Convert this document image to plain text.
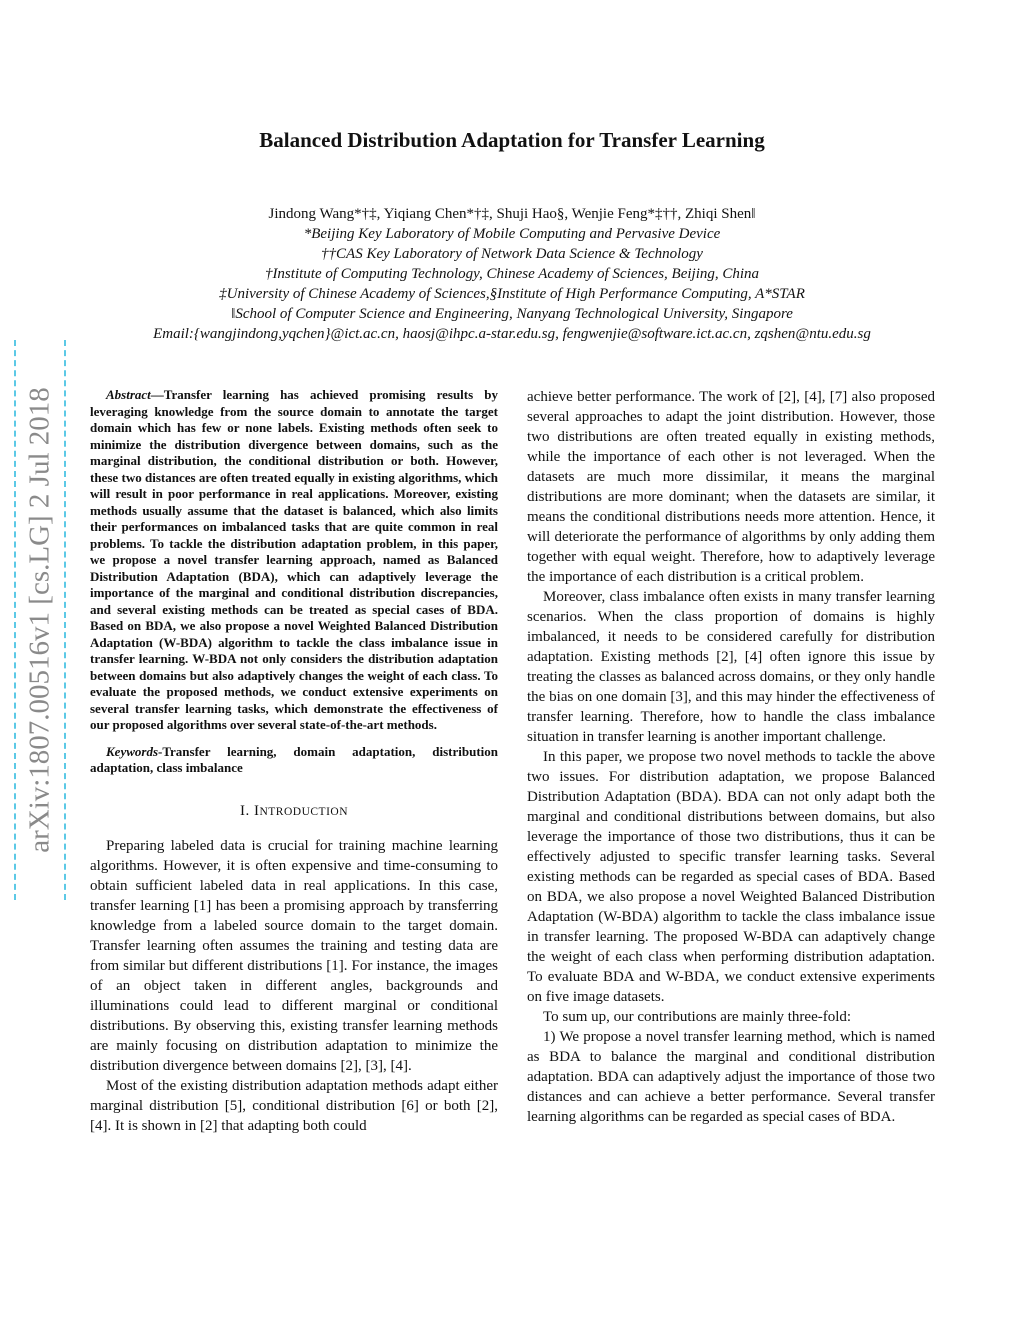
Balanced Distribution Adaptation for Transfer Learning
Jindong Wang*†‡, Yiqiang Chen*†‡, Shuji Hao§, Wenjie Feng*‡††, Zhiqi Shen‖
*Beijing Key Laboratory of Mobile Computing and Pervasive Device
††CAS Key Laboratory of Network Data Science & Technology
†Institute of Computing Technology, Chinese Academy of Sciences, Beijing, China
‡University of Chinese Academy of Sciences,§Institute of High Performance Computing, A*STAR
‖School of Computer Science and Engineering, Nanyang Technological University, Singapore
Email:{wangjindong,yqchen}@ict.ac.cn, haosj@ihpc.a-star.edu.sg, fengwenjie@software.ict.ac.cn, zqshen@ntu.edu.sg
arXiv:1807.00516v1 [cs.LG] 2 Jul 2018	Abstract—Transfer learning has achieved promising results by leveraging knowledge from the source domain to annotate the target domain which has few or none labels. Existing methods often seek to minimize the distribution divergence between domains, such as the marginal distribution, the conditional distribution or both. However, these two distances are often treated equally in existing algorithms, which will result in poor performance in real applications. Moreover, existing methods usually assume that the dataset is balanced, which also limits their performances on imbalanced tasks that are quite common in real problems. To tackle the distribution adaptation problem, in this paper, we propose a novel transfer learning approach, named as Balanced Distribution Adaptation (BDA), which can adaptively leverage the importance of the marginal and conditional distribution discrepancies, and several existing methods can be treated as special cases of BDA. Based on BDA, we also propose a novel Weighted Balanced Distribution Adaptation (W-BDA) algorithm to tackle the class imbalance issue in transfer learning. W-BDA not only considers the distribution adaptation between domains but also adaptively changes the weight of each class. To evaluate the proposed methods, we conduct extensive experiments on several transfer learning tasks, which demonstrate the effectiveness of our proposed algorithms over several state-of-the-art methods.

Keywords-Transfer learning, domain adaptation, distribution adaptation, class imbalance

I. INTRODUCTION

Preparing labeled data is crucial for training machine learning algorithms. However, it is often expensive and time-consuming to obtain sufficient labeled data in real applications. In this case, transfer learning [1] has been a promising approach by transferring knowledge from a labeled source domain to the target domain. Transfer learning often assumes the training and testing data are from similar but different distributions [1]. For instance, the images of an object taken in different angles, backgrounds and illuminations could lead to different marginal or conditional distributions. By observing this, existing transfer learning methods are mainly focusing on distribution adaptation to minimize the distribution divergence between domains [2], [3], [4].

Most of the existing distribution adaptation methods adapt either marginal distribution [5], conditional distribution [6] or both [2], [4]. It is shown in [2] that adapting both could

achieve better performance. The work of [2], [4], [7] also proposed several approaches to adapt the joint distribution. However, those two distributions are often treated equally in existing methods, while the importance of each other is not leveraged. When the datasets are much more dissimilar, it means the marginal distributions are more dominant; when the datasets are similar, it means the conditional distributions needs more attention. Hence, it will deteriorate the performance of algorithms by only adding them together with equal weight. Therefore, how to adaptively leverage the importance of each distribution is a critical problem.

Moreover, class imbalance often exists in many transfer learning scenarios. When the class proportion of domains is highly imbalanced, it needs to be considered carefully for distribution adaptation. Existing methods [2], [4] often ignore this issue by treating the classes as balanced across domains, or they only handle the bias on one domain [3], and this may hinder the effectiveness of transfer learning. Therefore, how to handle the class imbalance situation in transfer learning is another important challenge.

In this paper, we propose two novel methods to tackle the above two issues. For distribution adaptation, we propose Balanced Distribution Adaptation (BDA). BDA can not only adapt both the marginal and conditional distributions between domains, but also leverage the importance of those two distributions, thus it can be effectively adjusted to specific transfer learning tasks. Several existing methods can be regarded as special cases of BDA. Based on BDA, we also propose a novel Weighted Balanced Distribution Adaptation (W-BDA) algorithm to tackle the class imbalance issue in transfer learning. The proposed W-BDA can adaptively change the weight of each class when performing distribution adaptation. To evaluate BDA and W-BDA, we conduct extensive experiments on five image datasets.

To sum up, our contributions are mainly three-fold:

1) We propose a novel transfer learning method, which is named as BDA to balance the marginal and conditional distribution adaptation. BDA can adaptively adjust the importance of those two distances and can achieve a better performance. Several transfer learning algorithms can be regarded as special cases of BDA.
